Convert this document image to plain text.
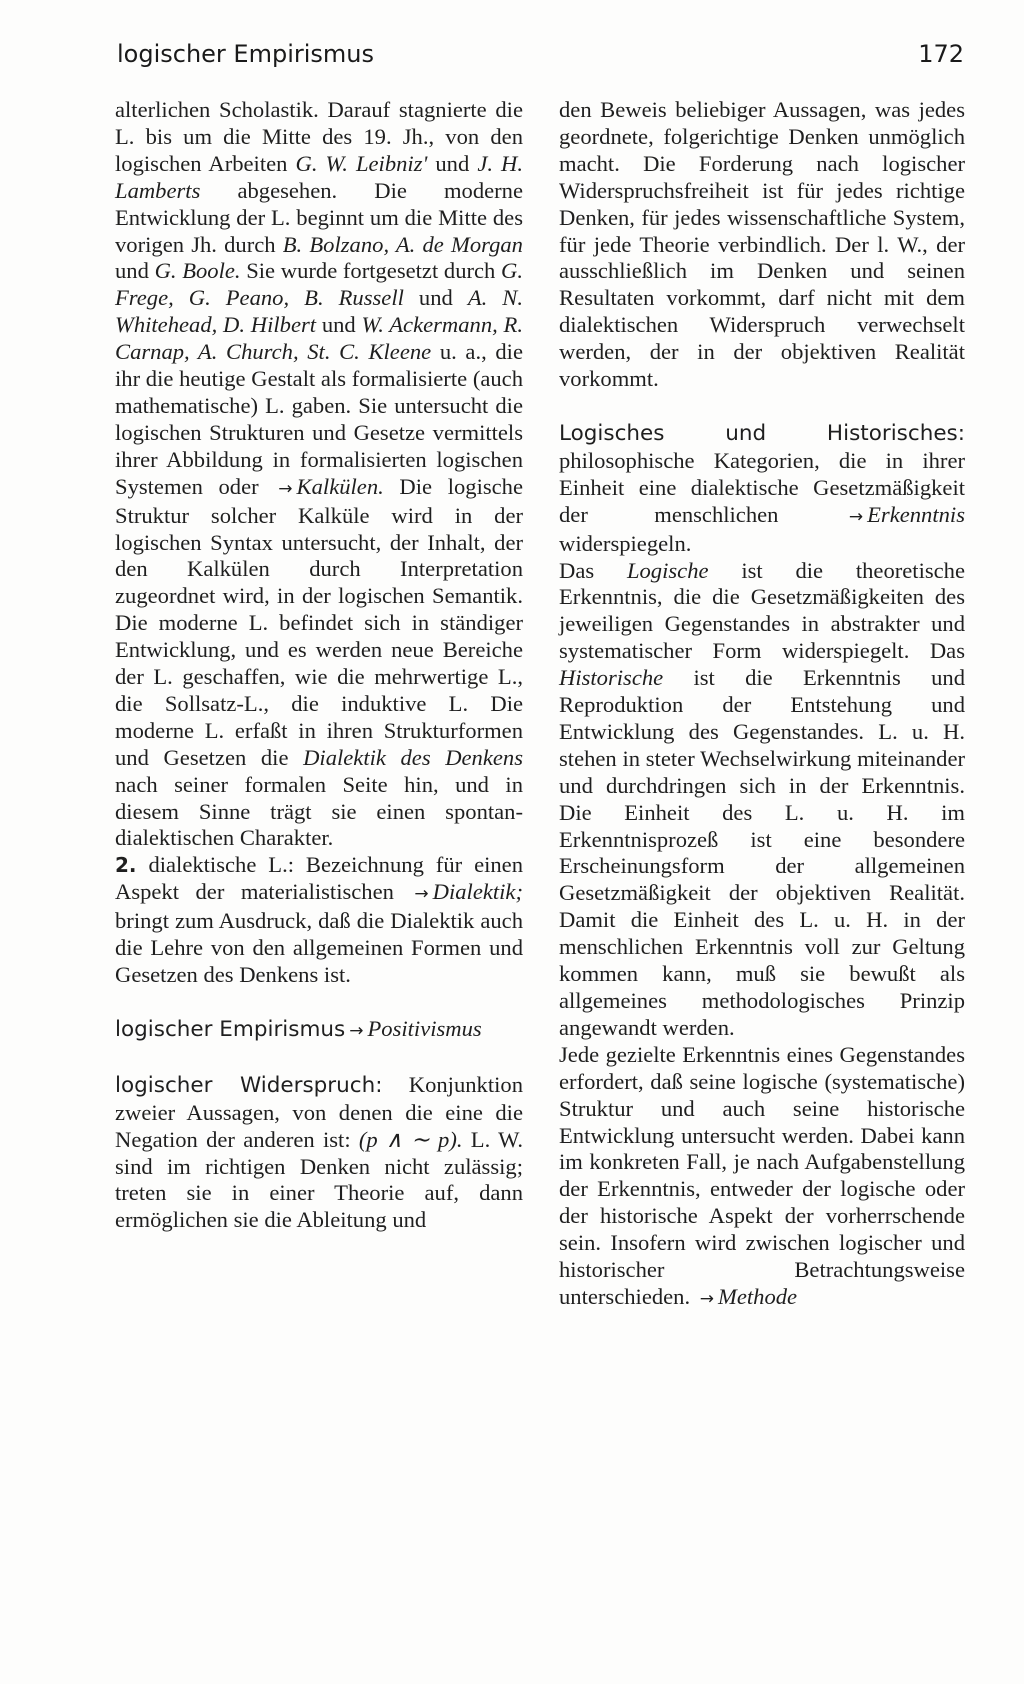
logischer Empirismus	172

alterlichen Scholastik. Darauf stagnierte die L. bis um die Mitte des 19. Jh., von den logischen Arbeiten G. W. Leibniz' und J. H. Lamberts abgesehen. Die moderne Entwicklung der L. beginnt um die Mitte des vorigen Jh. durch B. Bolzano, A. de Morgan und G. Boole. Sie wurde fortgesetzt durch G. Frege, G. Peano, B. Russell und A. N. Whitehead, D. Hilbert und W. Ackermann, R. Carnap, A. Church, St. C. Kleene u. a., die ihr die heutige Gestalt als formalisierte (auch mathematische) L. gaben. Sie untersucht die logischen Strukturen und Gesetze vermittels ihrer Abbildung in formalisierten logischen Systemen oder → Kalkülen. Die logische Struktur solcher Kalküle wird in der logischen Syntax untersucht, der Inhalt, der den Kalkülen durch Interpretation zugeordnet wird, in der logischen Semantik. Die moderne L. befindet sich in ständiger Entwicklung, und es werden neue Bereiche der L. geschaffen, wie die mehrwertige L., die Sollsatz-L., die induktive L. Die moderne L. erfaßt in ihren Strukturformen und Gesetzen die Dialektik des Denkens nach seiner formalen Seite hin, und in diesem Sinne trägt sie einen spontan-dialektischen Charakter.

2. dialektische L.: Bezeichnung für einen Aspekt der materialistischen → Dialektik; bringt zum Ausdruck, daß die Dialektik auch die Lehre von den allgemeinen Formen und Gesetzen des Denkens ist.

logischer Empirismus → Positivismus

logischer Widerspruch: Konjunktion zweier Aussagen, von denen die eine die Negation der anderen ist: (p ∧ ∼ p). L. W. sind im richtigen Denken nicht zulässig; treten sie in einer Theorie auf, dann ermöglichen sie die Ableitung und

den Beweis beliebiger Aussagen, was jedes geordnete, folgerichtige Denken unmöglich macht. Die Forderung nach logischer Widerspruchsfreiheit ist für jedes richtige Denken, für jedes wissenschaftliche System, für jede Theorie verbindlich. Der l. W., der ausschließlich im Denken und seinen Resultaten vorkommt, darf nicht mit dem dialektischen Widerspruch verwechselt werden, der in der objektiven Realität vorkommt.

Logisches und Historisches: philosophische Kategorien, die in ihrer Einheit eine dialektische Gesetzmäßigkeit der menschlichen → Erkenntnis widerspiegeln.

Das Logische ist die theoretische Erkenntnis, die die Gesetzmäßigkeiten des jeweiligen Gegenstandes in abstrakter und systematischer Form widerspiegelt. Das Historische ist die Erkenntnis und Reproduktion der Entstehung und Entwicklung des Gegenstandes. L. u. H. stehen in steter Wechselwirkung miteinander und durchdringen sich in der Erkenntnis. Die Einheit des L. u. H. im Erkenntnisprozeß ist eine besondere Erscheinungsform der allgemeinen Gesetzmäßigkeit der objektiven Realität. Damit die Einheit des L. u. H. in der menschlichen Erkenntnis voll zur Geltung kommen kann, muß sie bewußt als allgemeines methodologisches Prinzip angewandt werden.

Jede gezielte Erkenntnis eines Gegenstandes erfordert, daß seine logische (systematische) Struktur und auch seine historische Entwicklung untersucht werden. Dabei kann im konkreten Fall, je nach Aufgabenstellung der Erkenntnis, entweder der logische oder der historische Aspekt der vorherrschende sein. Insofern wird zwischen logischer und historischer Betrachtungsweise unterschieden. → Methode
